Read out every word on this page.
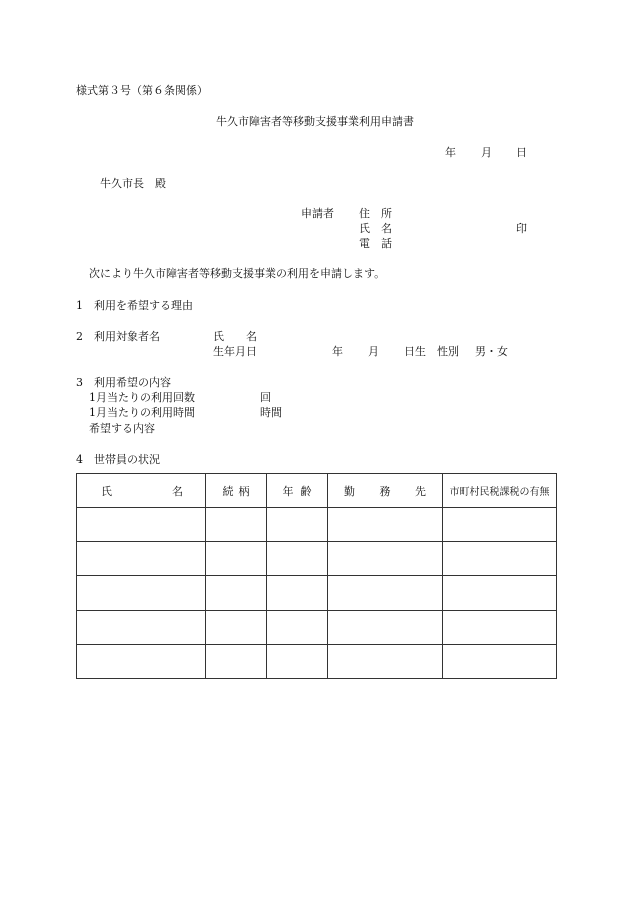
様式第３号（第６条関係）
牛久市障害者等移動支援事業利用申請書
年 月 日
牛久市長　殿
申請者 住　所
氏　名	印
電　話
次により牛久市障害者等移動支援事業の利用を申請します。
1　利用を希望する理由
2　利用対象者名	氏　　名
生年月日	年 月 日生 性別 男・女
3　利用希望の内容
1月当たりの利用回数	回
1月当たりの利用時間	時間
希望する内容
4　世帯員の状況
氏 名	続 柄	年 齢	勤 務 先	市町村民税課税の有無
